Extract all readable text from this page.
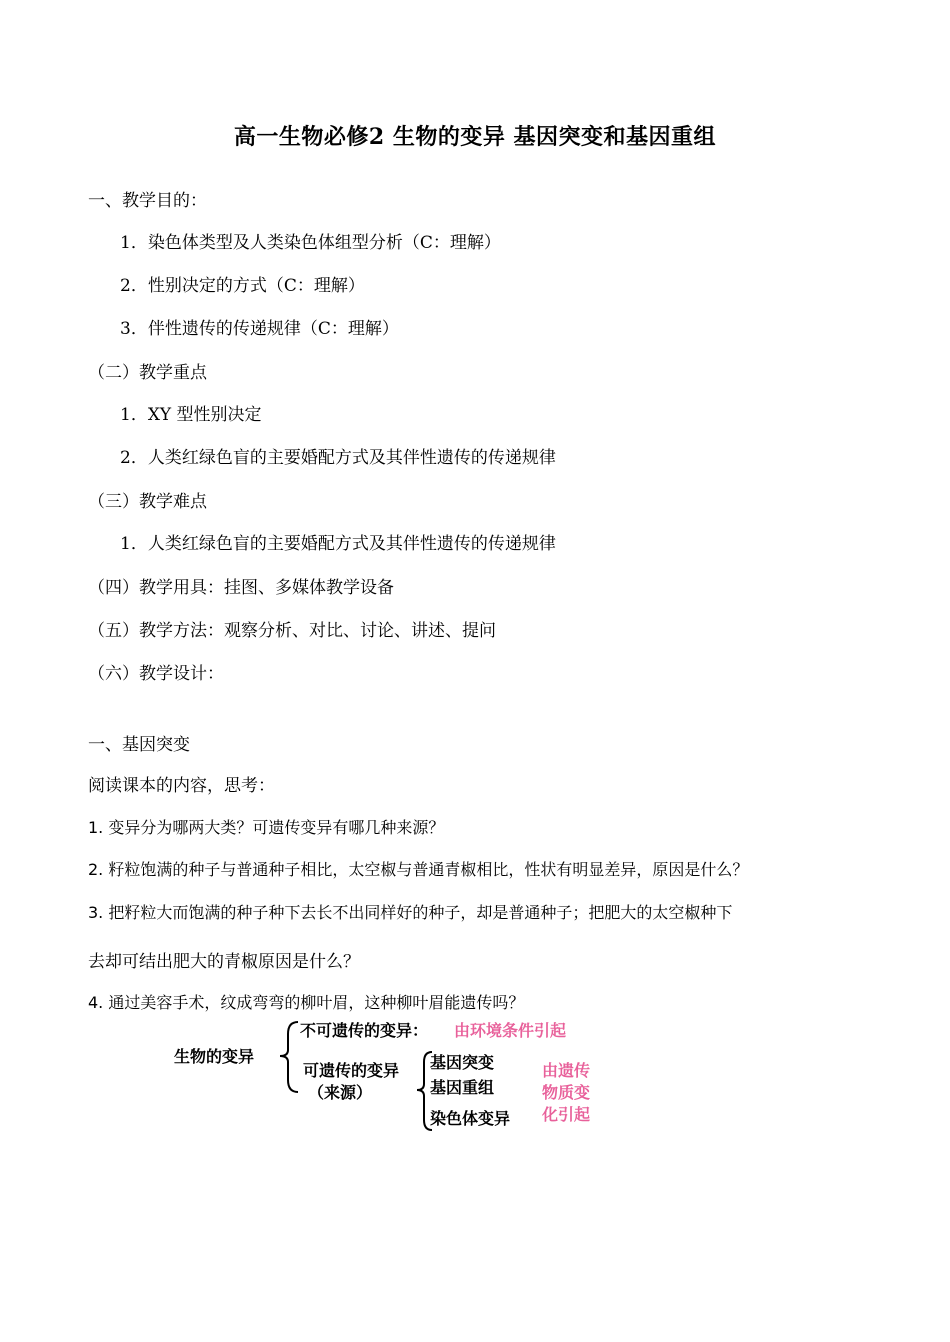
高一生物必修2 生物的变异 基因突变和基因重组
一、教学目的：
1．染色体类型及人类染色体组型分析（C：理解）
2．性别决定的方式（C：理解）
3．伴性遗传的传递规律（C：理解）
（二）教学重点
1．XY 型性别决定
2．人类红绿色盲的主要婚配方式及其伴性遗传的传递规律
（三）教学难点
1．人类红绿色盲的主要婚配方式及其伴性遗传的传递规律
（四）教学用具：挂图、多媒体教学设备
（五）教学方法：观察分析、对比、讨论、讲述、提问
（六）教学设计：
一、基因突变
阅读课本的内容，思考：
1. 变异分为哪两大类？可遗传变异有哪几种来源？
2. 籽粒饱满的种子与普通种子相比，太空椒与普通青椒相比，性状有明显差异，原因是什么？
3. 把籽粒大而饱满的种子种下去长不出同样好的种子，却是普通种子；把肥大的太空椒种下
去却可结出肥大的青椒原因是什么？
4. 通过美容手术，纹成弯弯的柳叶眉，这种柳叶眉能遗传吗？
生物的变异
不可遗传的变异： 由环境条件引起
可遗传的变异
（来源）
基因突变
基因重组
染色体变异
由遗传
物质变
化引起
